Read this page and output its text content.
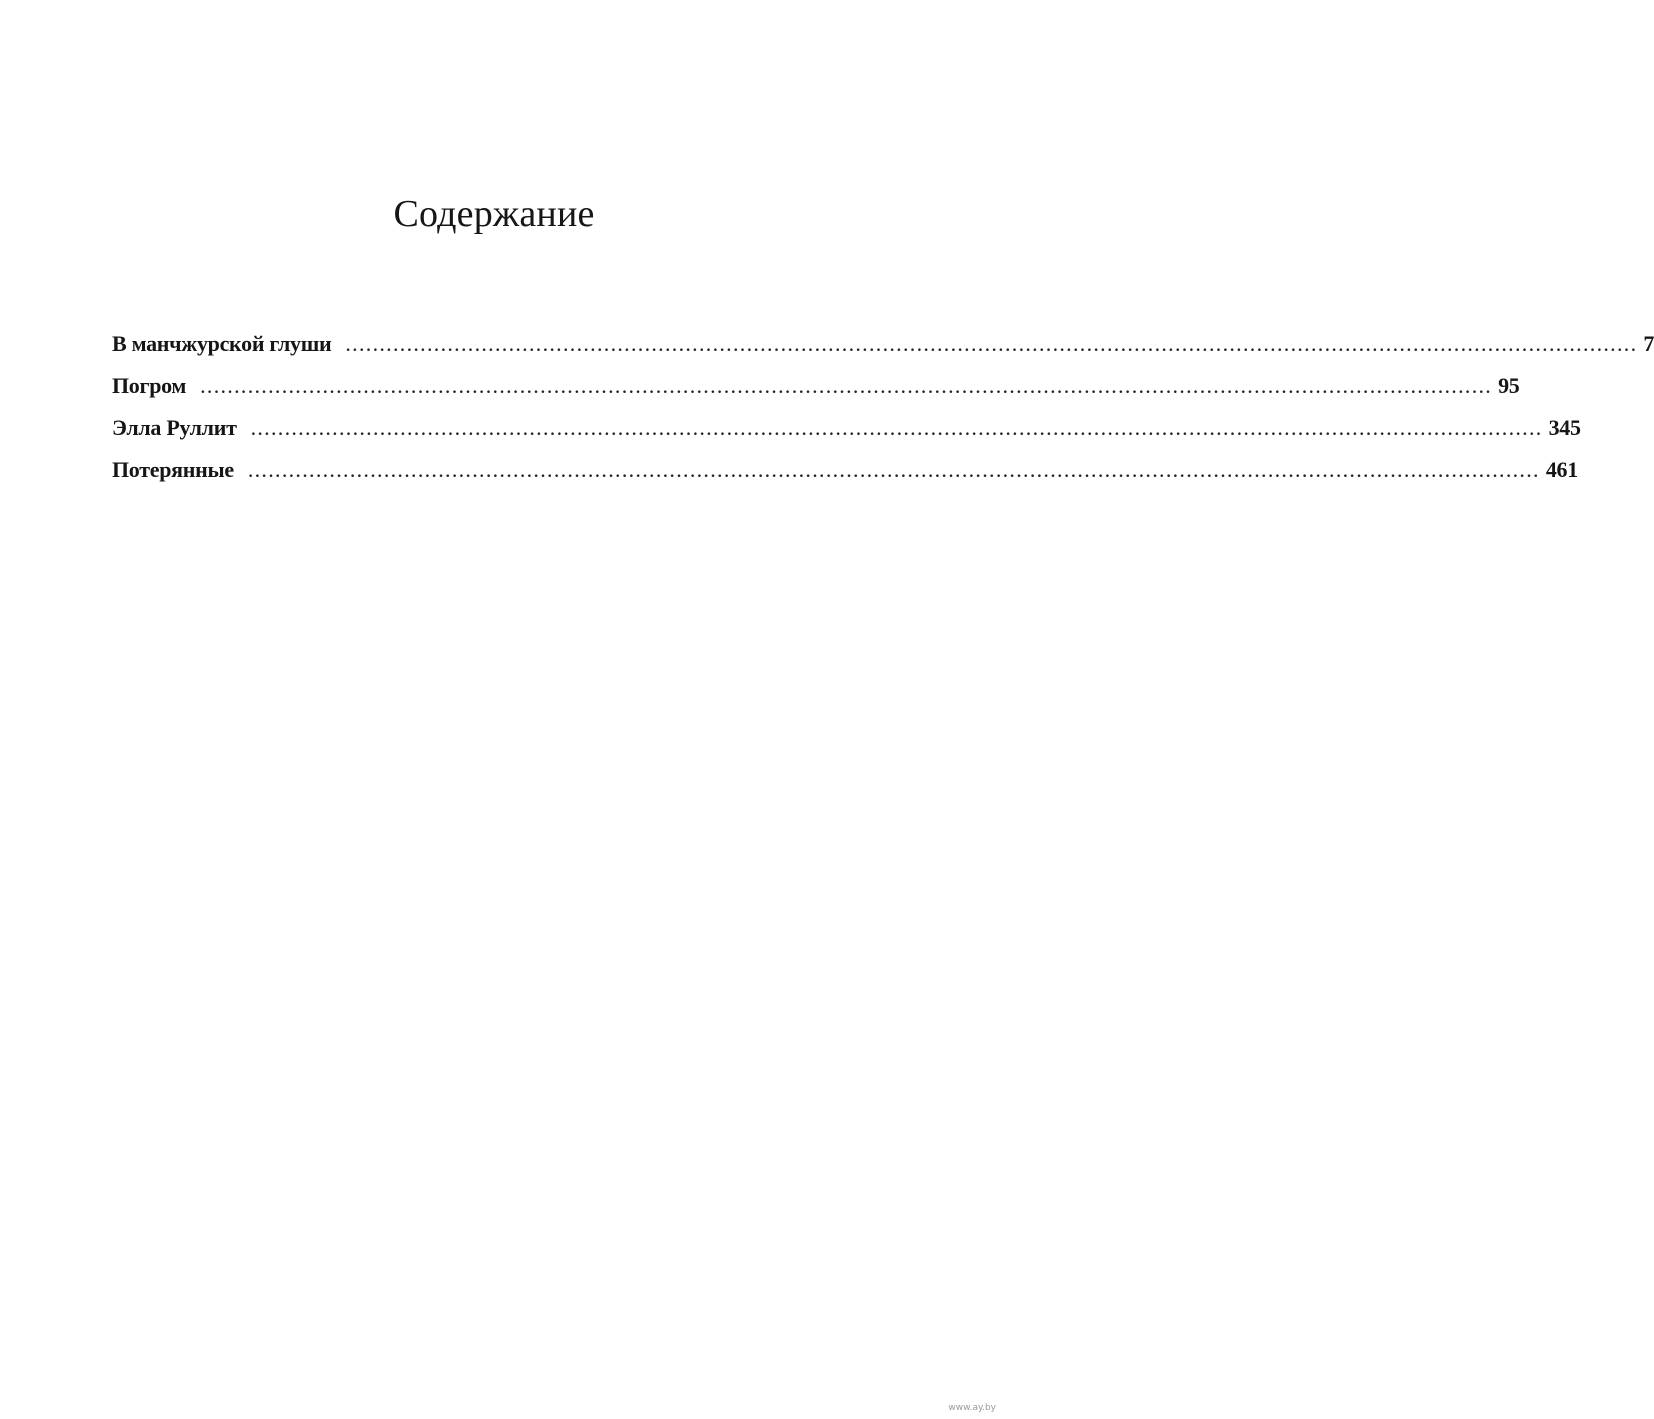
Содержание
В манчжурской глуши .............................................................................................................................................................................................. 7
Погром .............................................................................................................................................................................................. 95
Элла Руллит .............................................................................................................................................................................................. 345
Потерянные .............................................................................................................................................................................................. 461
www.ay.by
